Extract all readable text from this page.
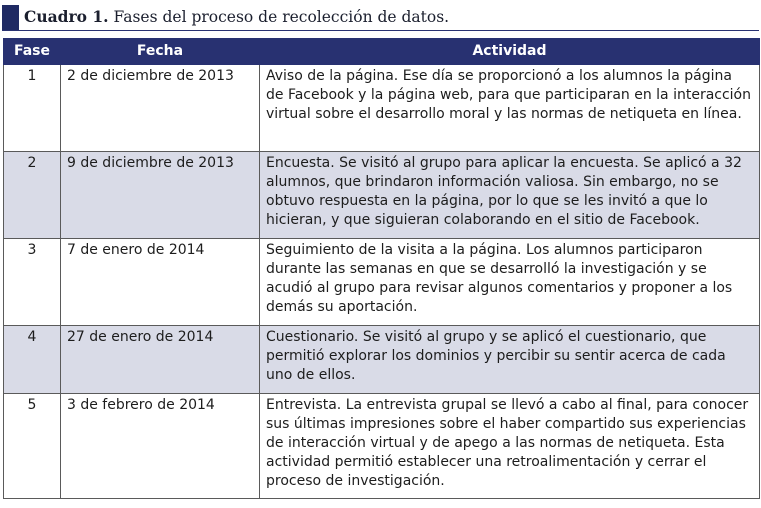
Cuadro 1. Fases del proceso de recolección de datos.
Fase	Fecha	Actividad
1	2 de diciembre de 2013	Aviso de la página. Ese día se proporcionó a los alumnos la página de Facebook y la página web, para que participaran en la interacción virtual sobre el desarrollo moral y las normas de netiqueta en línea.
2	9 de diciembre de 2013	Encuesta. Se visitó al grupo para aplicar la encuesta. Se aplicó a 32 alumnos, que brindaron información valiosa. Sin embargo, no se obtuvo respuesta en la página, por lo que se les invitó a que lo hicieran, y que siguieran colaborando en el sitio de Facebook.
3	7 de enero de 2014	Seguimiento de la visita a la página. Los alumnos participaron durante las semanas en que se desarrolló la investigación y se acudió al grupo para revisar algunos comentarios y proponer a los demás su aportación.
4	27 de enero de 2014	Cuestionario. Se visitó al grupo y se aplicó el cuestionario, que permitió explorar los dominios y percibir su sentir acerca de cada uno de ellos.
5	3 de febrero de 2014	Entrevista. La entrevista grupal se llevó a cabo al final, para conocer sus últimas impresiones sobre el haber compartido sus experiencias de interacción virtual y de apego a las normas de netiqueta. Esta actividad permitió establecer una retroalimentación y cerrar el proceso de investigación.
